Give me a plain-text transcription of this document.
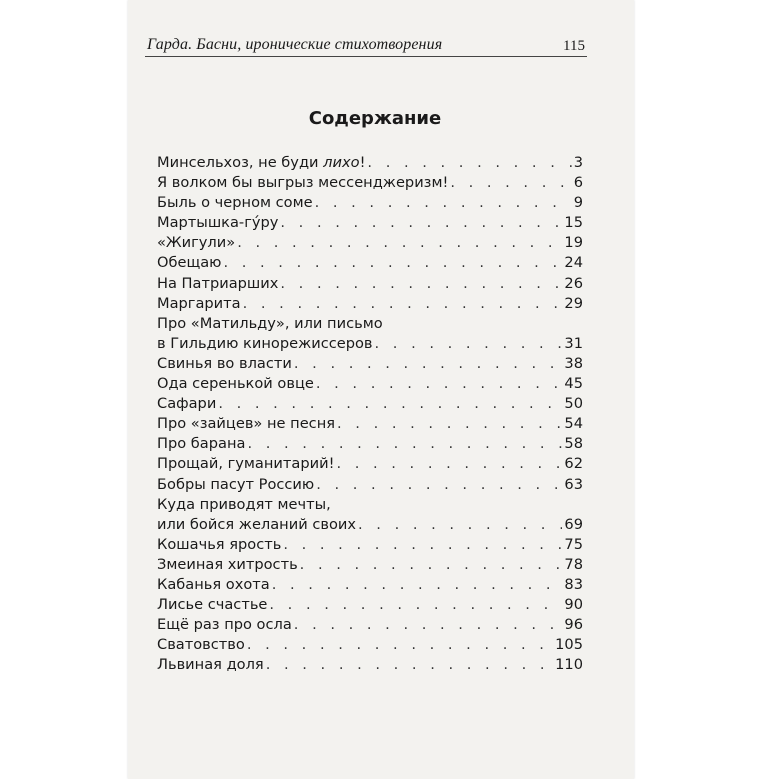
Гарда. Басни, иронические стихотворения	115
Содержание
Минсельхоз, не буди лихо! . . .	3
Я волком бы выгрыз мессенджеризм! . . .	6
Быль о черном соме . . .	9
Мартышка-гу́ру . . .	15
«Жигули» . . .	19
Обещаю . . .	24
На Патриарших . . .	26
Маргарита . . .	29
Про «Матильду», или письмо
в Гильдию кинорежиссеров . . .	31
Свинья во власти . . .	38
Ода серенькой овце . . .	45
Сафари . . .	50
Про «зайцев» не песня . . .	54
Про барана . . .	58
Прощай, гуманитарий! . . .	62
Бобры пасут Россию . . .	63
Куда приводят мечты,
или бойся желаний своих . . .	69
Кошачья ярость . . .	75
Змеиная хитрость . . .	78
Кабанья охота . . .	83
Лисье счастье . . .	90
Ещё раз про осла . . .	96
Сватовство . . .	105
Львиная доля . . .	110
